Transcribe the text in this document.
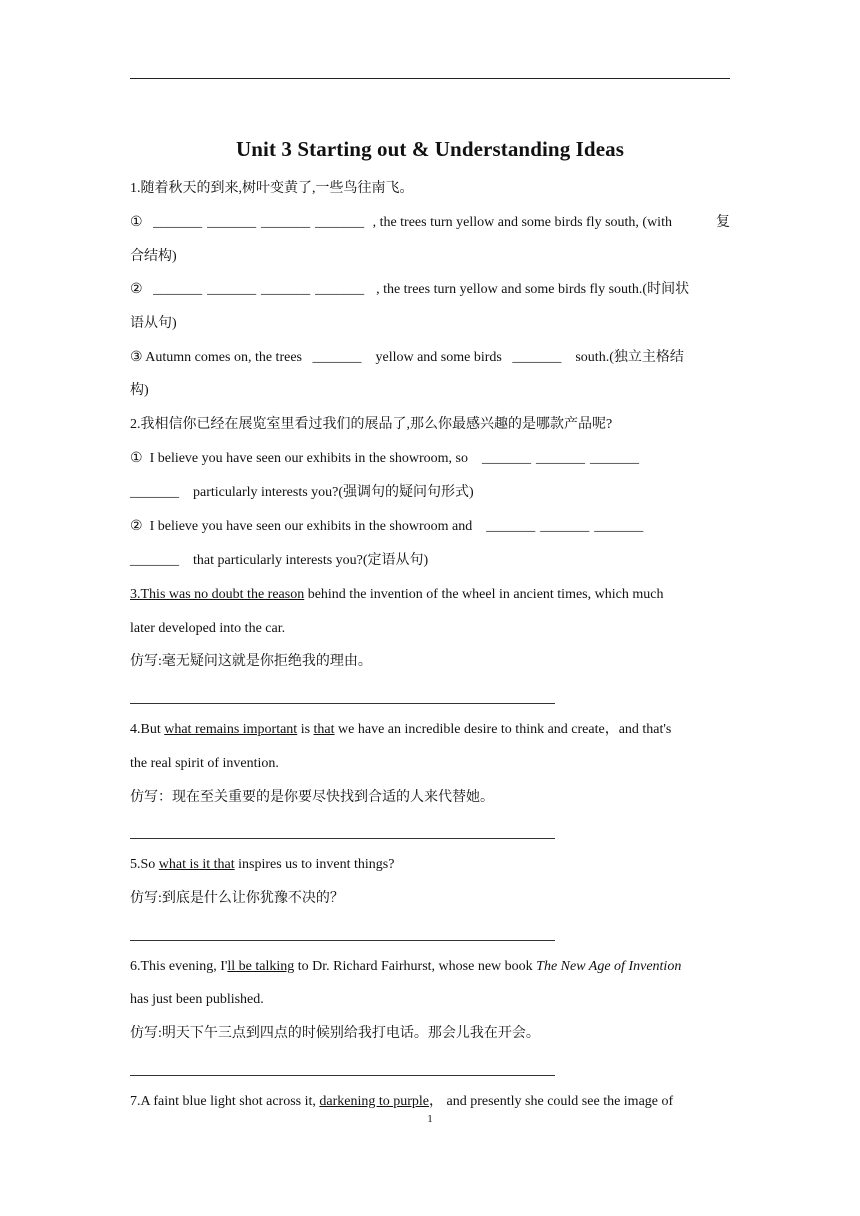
Unit 3 Starting out & Understanding Ideas
1.随着秋天的到来,树叶变黄了,一些鸟往南飞。
① _______ _______ _______ _______ , the trees turn yellow and some birds fly south, (with	复
合结构)
② _______ _______ _______ _______ , the trees turn yellow and some birds fly south.(时间状
语从句)
③ Autumn comes on, the trees _______ yellow and some birds _______ south.(独立主格结
构)
2.我相信你已经在展览室里看过我们的展品了,那么你最感兴趣的是哪款产品呢?
① I believe you have seen our exhibits in the showroom, so _______ _______ _______
_______ particularly interests you?(强调句的疑问句形式)
② I believe you have seen our exhibits in the showroom and _______ _______ _______
_______ that particularly interests you?(定语从句)
3.This was no doubt the reason behind the invention of the wheel in ancient times, which much
later developed into the car.
仿写:毫无疑问这就是你拒绝我的理由。
4.But what remains important is that we have an incredible desire to think and create，and that's
the real spirit of invention.
仿写：现在至关重要的是你要尽快找到合适的人来代替她。
5.So what is it that inspires us to invent things?
仿写:到底是什么让你犹豫不决的？
6.This evening, I'll be talking to Dr. Richard Fairhurst, whose new book The New Age of Invention
has just been published.
仿写:明天下午三点到四点的时候别给我打电话。那会儿我在开会。
7.A faint blue light shot across it, darkening to purple， and presently she could see the image of
1
